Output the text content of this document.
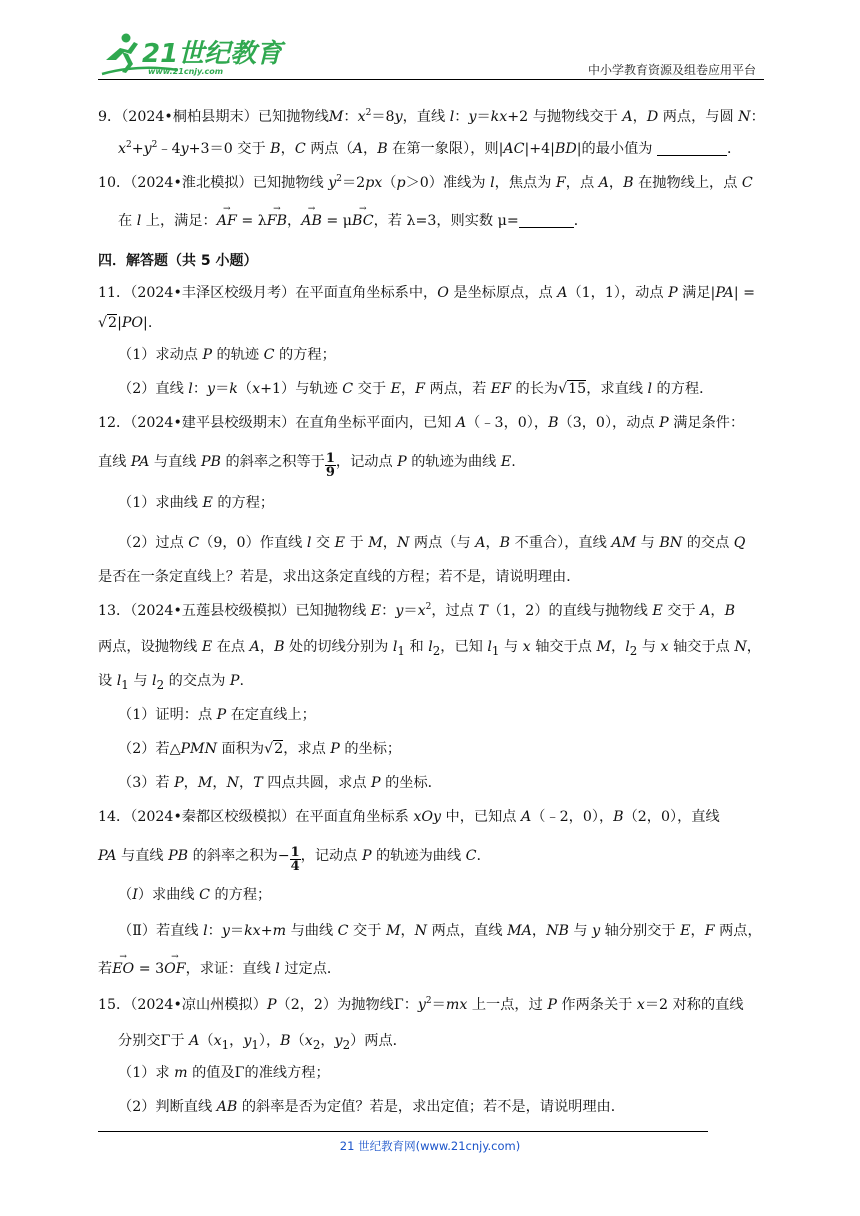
21世纪教育
www.21cnjy.com	中小学教育资源及组卷应用平台
9．（2024•桐柏县期末）已知抛物线M：$x^2=8y$，直线 l：y＝kx+2 与抛物线交于 A，D 两点，与圆 N：
$x^2+y^2﹣4y+3=0$ 交于 B，C 两点（A，B 在第一象限），则|AC|+4|BD|的最小值为	．
10．（2024•淮北模拟）已知抛物线 $y^2=2px(p>0)$准线为 l，焦点为 F，点 A，B 在抛物线上，点 C
在 l 上，满足：→ AF = λ→ FB，→ AB = μ→ BC，若 λ=3，则实数 μ=	．
四．解答题（共 5 小题）
11．（2024•丰泽区校级月考）在平面直角坐标系中，O 是坐标原点，点 A（1，1），动点 P 满足|PA| =
√2|PO|.
（1）求动点 P 的轨迹 C 的方程；
（2）直线 l：y＝k（x+1）与轨迹 C 交于 E，F 两点，若 EF 的长为√15，求直线 l 的方程．
12．（2024•建平县校级期末）在直角坐标平面内，已知 A（﹣3，0），B（3，0），动点 P 满足条件：
直线 PA 与直线 PB 的斜率之积等于 $\frac{1}{9}$ ，记动点 P 的轨迹为曲线 E.
（1）求曲线 E 的方程；
（2）过点 C（9，0）作直线 l 交 E 于 M，N 两点（与 A，B 不重合），直线 AM 与 BN 的交点 Q
是否在一条定直线上？若是，求出这条定直线的方程；若不是，请说明理由．
13．（2024•五莲县校级模拟）已知抛物线 E：$y=x^2$，过点 T（1，2）的直线与抛物线 E 交于 A，B
两点，设抛物线 E 在点 A，B 处的切线分别为 $l_1$ 和 $l_2$，已知 $l_1$ 与 x 轴交于点 M，$l_2$ 与 x 轴交于点 N，
设 $l_1$ 与 $l_2$ 的交点为 P.
（1）证明：点 P 在定直线上；
（2）若△PMN 面积为√2，求点 P 的坐标；
（3）若 P，M，N，T 四点共圆，求点 P 的坐标．
14．（2024•秦都区校级模拟）在平面直角坐标系 xOy 中，已知点 A（﹣2，0），B（2，0），直线
PA 与直线 PB 的斜率之积为− $\frac{1}{4}$ ，记动点 P 的轨迹为曲线 C.
（I）求曲线 C 的方程；
（Ⅱ）若直线 l：y＝kx+m 与曲线 C 交于 M，N 两点，直线 MA，NB 与 y 轴分别交于 E，F 两点，
若→ EO = 3→ OF，求证：直线 l 过定点．
15．（2024•凉山州模拟）P（2，2）为抛物线Γ：$y^2=mx$ 上一点，过 P 作两条关于 x＝2 对称的直线
分别交Γ于 $A(x_1$，$y_1$），$B(x_2$，$y_2$）两点．
（1）求 m 的值及Γ的准线方程；
（2）判断直线 AB 的斜率是否为定值？若是，求出定值；若不是，请说明理由．
21 世纪教育网(www.21cnjy.com)
